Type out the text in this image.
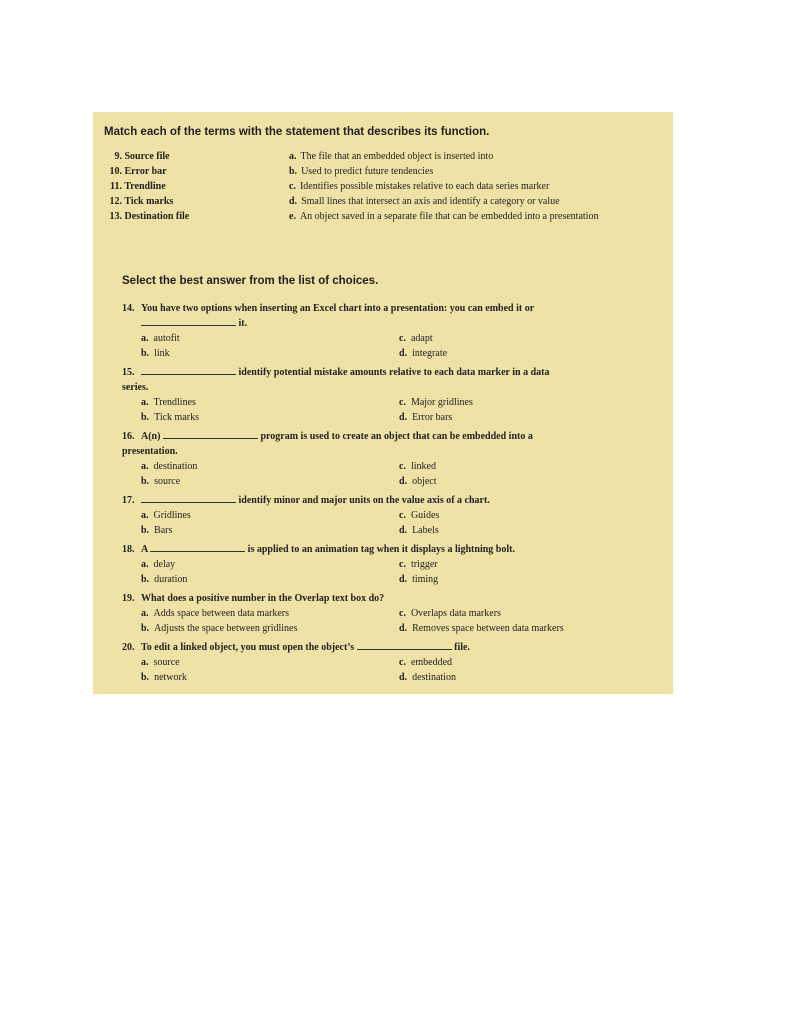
Match each of the terms with the statement that describes its function.
9. Source file	a. The file that an embedded object is inserted into
10. Error bar	b. Used to predict future tendencies
11. Trendline	c. Identifies possible mistakes relative to each data series marker
12. Tick marks	d. Small lines that intersect an axis and identify a category or value
13. Destination file	e. An object saved in a separate file that can be embedded into a presentation
Select the best answer from the list of choices.
14. You have two options when inserting an Excel chart into a presentation: you can embed it or
it.
a. autofit
b. link
c. adapt
d. integrate
15.	identify potential mistake amounts relative to each data marker in a data
series.
a. Trendlines
b. Tick marks
c. Major gridlines
d. Error bars
16. A(n)	program is used to create an object that can be embedded into a
presentation.
a. destination
b. source
c. linked
d. object
17.	identify minor and major units on the value axis of a chart.
a. Gridlines
b. Bars
c. Guides
d. Labels
18. A	is applied to an animation tag when it displays a lightning bolt.
a. delay
b. duration
c. trigger
d. timing
19. What does a positive number in the Overlap text box do?
a. Adds space between data markers
b. Adjusts the space between gridlines
c. Overlaps data markers
d. Removes space between data markers
20. To edit a linked object, you must open the object’s	file.
a. source
b. network
c. embedded
d. destination
